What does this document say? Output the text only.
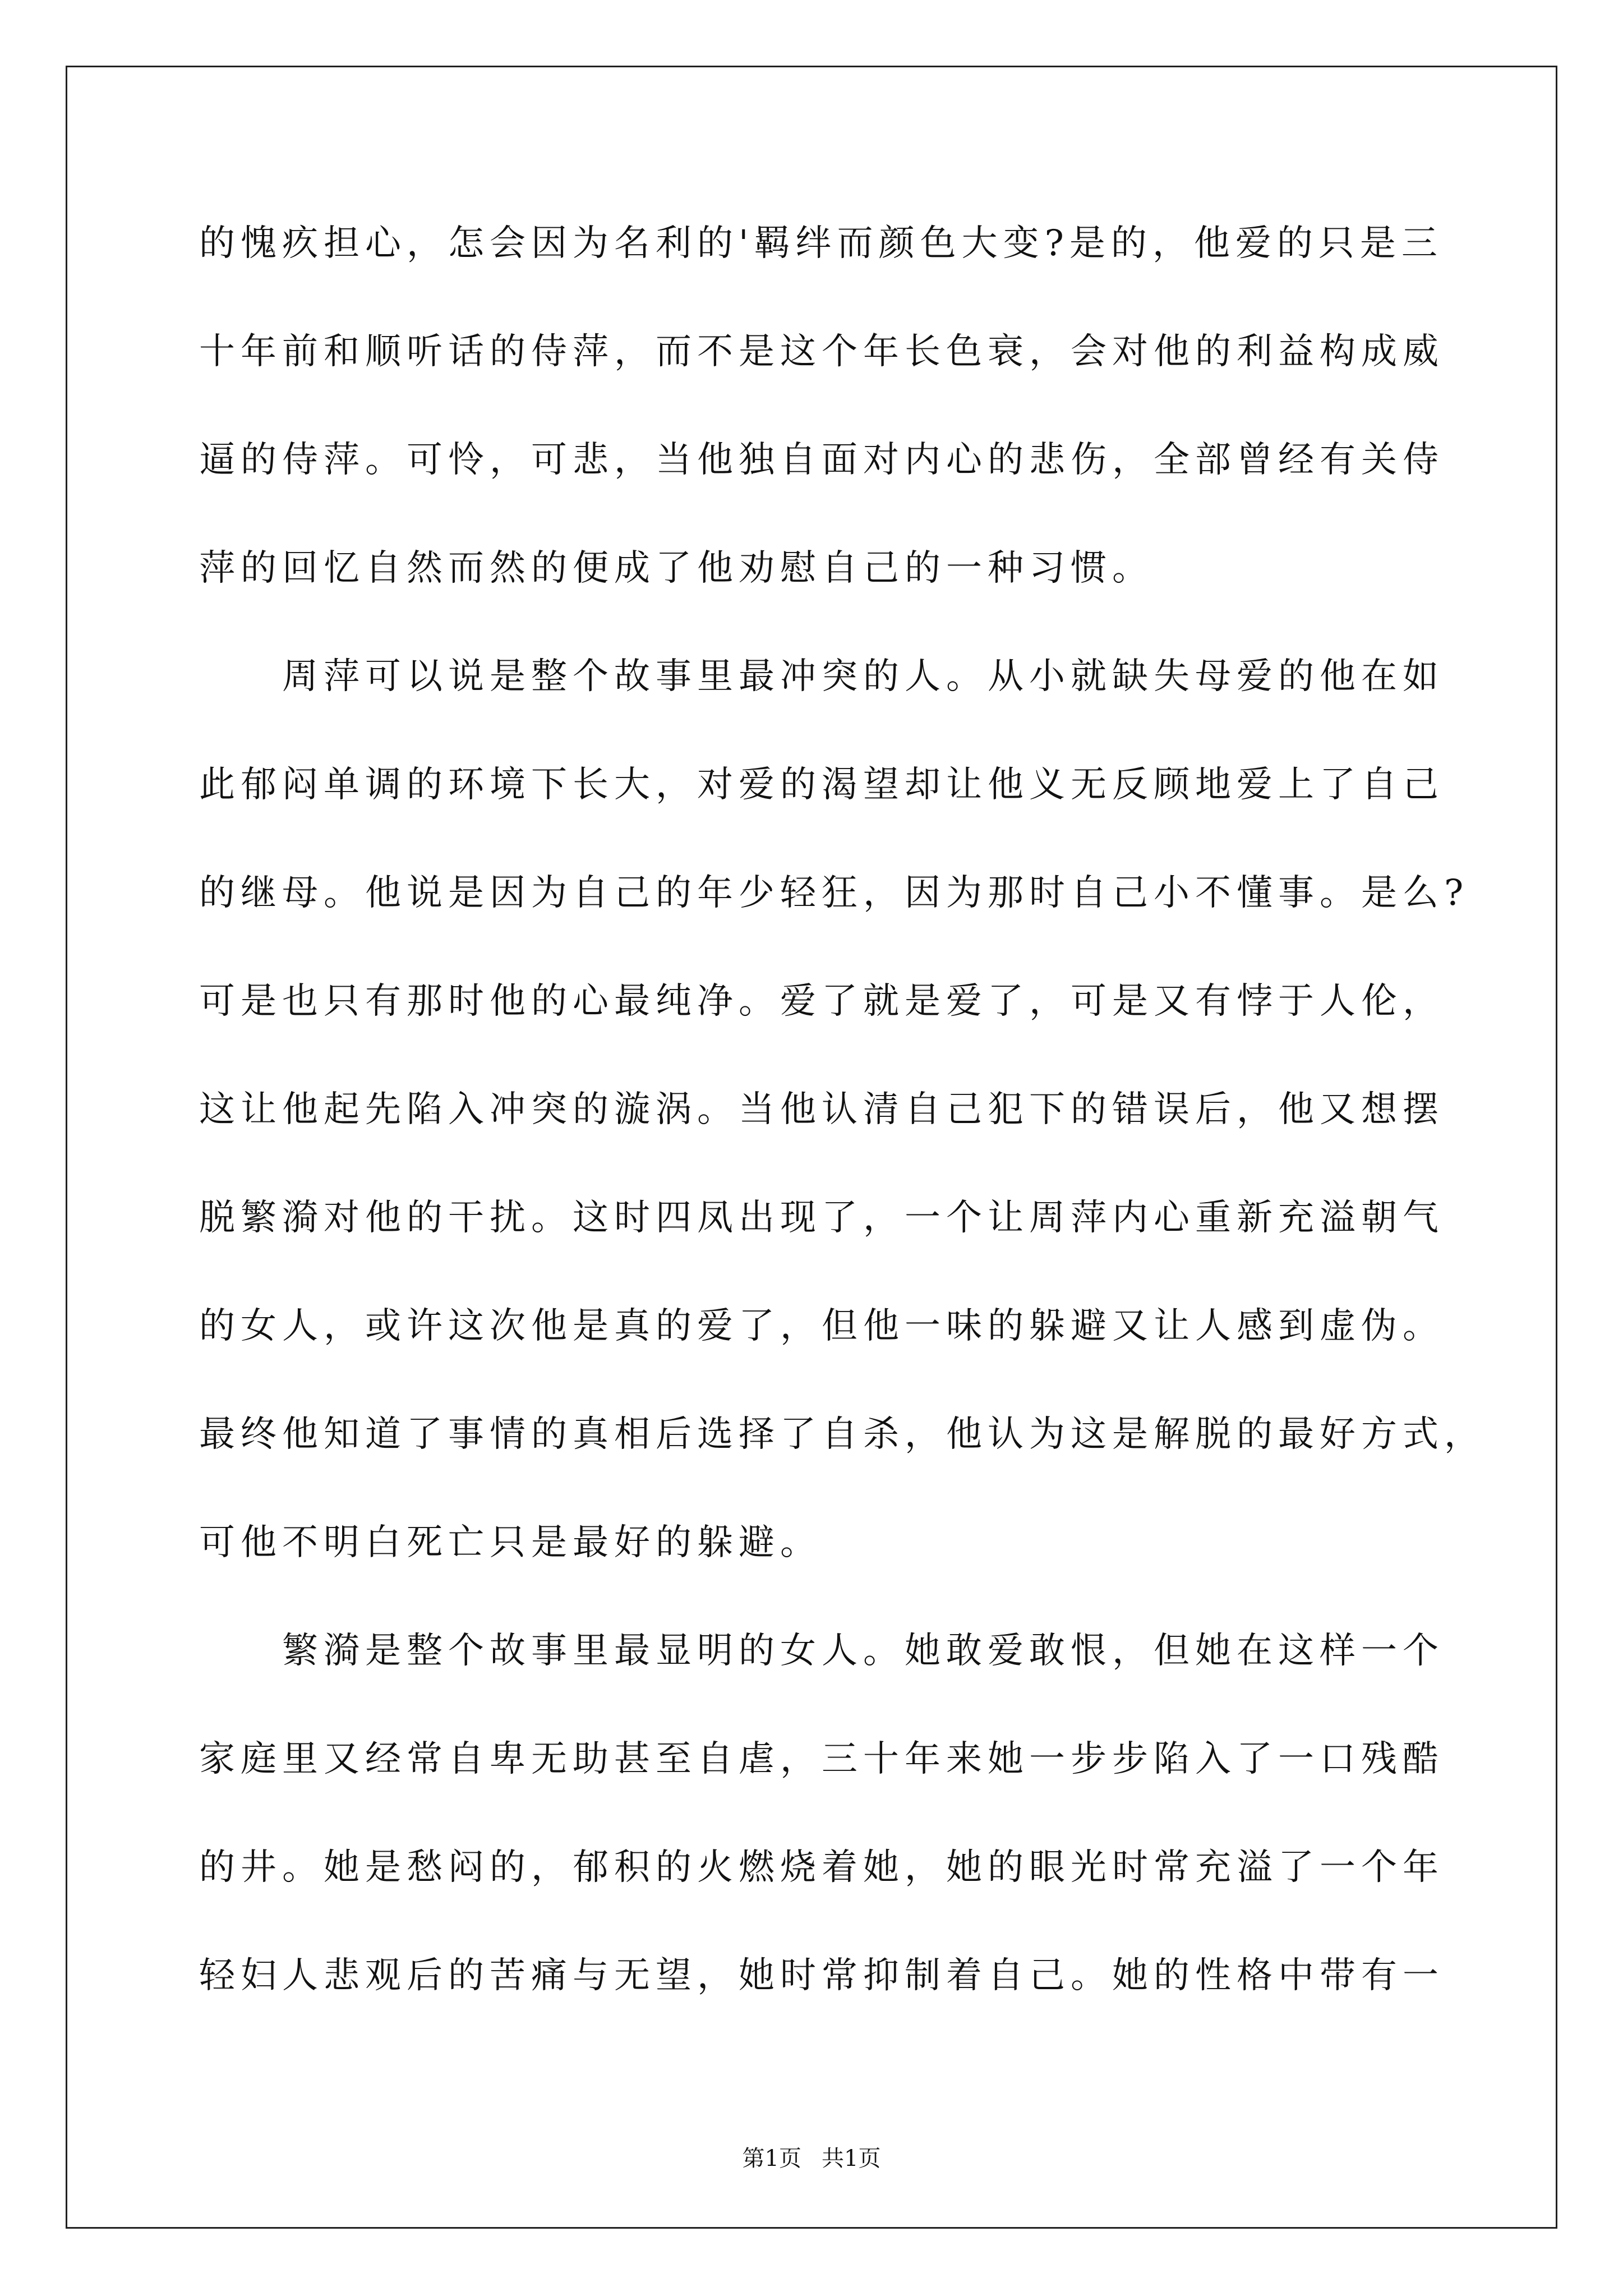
的愧疚担心，怎会因为名利的'羁绊而颜色大变?是的，他爱的只是三
十年前和顺听话的侍萍，而不是这个年长色衰，会对他的利益构成威
逼的侍萍。可怜，可悲，当他独自面对内心的悲伤，全部曾经有关侍
萍的回忆自然而然的便成了他劝慰自己的一种习惯。
　　周萍可以说是整个故事里最冲突的人。从小就缺失母爱的他在如
此郁闷单调的环境下长大，对爱的渴望却让他义无反顾地爱上了自己
的继母。他说是因为自己的年少轻狂，因为那时自己小不懂事。是么?
可是也只有那时他的心最纯净。爱了就是爱了，可是又有悖于人伦，
这让他起先陷入冲突的漩涡。当他认清自己犯下的错误后，他又想摆
脱繁漪对他的干扰。这时四凤出现了，一个让周萍内心重新充溢朝气
的女人，或许这次他是真的爱了，但他一味的躲避又让人感到虚伪。
最终他知道了事情的真相后选择了自杀，他认为这是解脱的最好方式，
可他不明白死亡只是最好的躲避。
　　繁漪是整个故事里最显明的女人。她敢爱敢恨，但她在这样一个
家庭里又经常自卑无助甚至自虐，三十年来她一步步陷入了一口残酷
的井。她是愁闷的，郁积的火燃烧着她，她的眼光时常充溢了一个年
轻妇人悲观后的苦痛与无望，她时常抑制着自己。她的性格中带有一
第1页 共1页
